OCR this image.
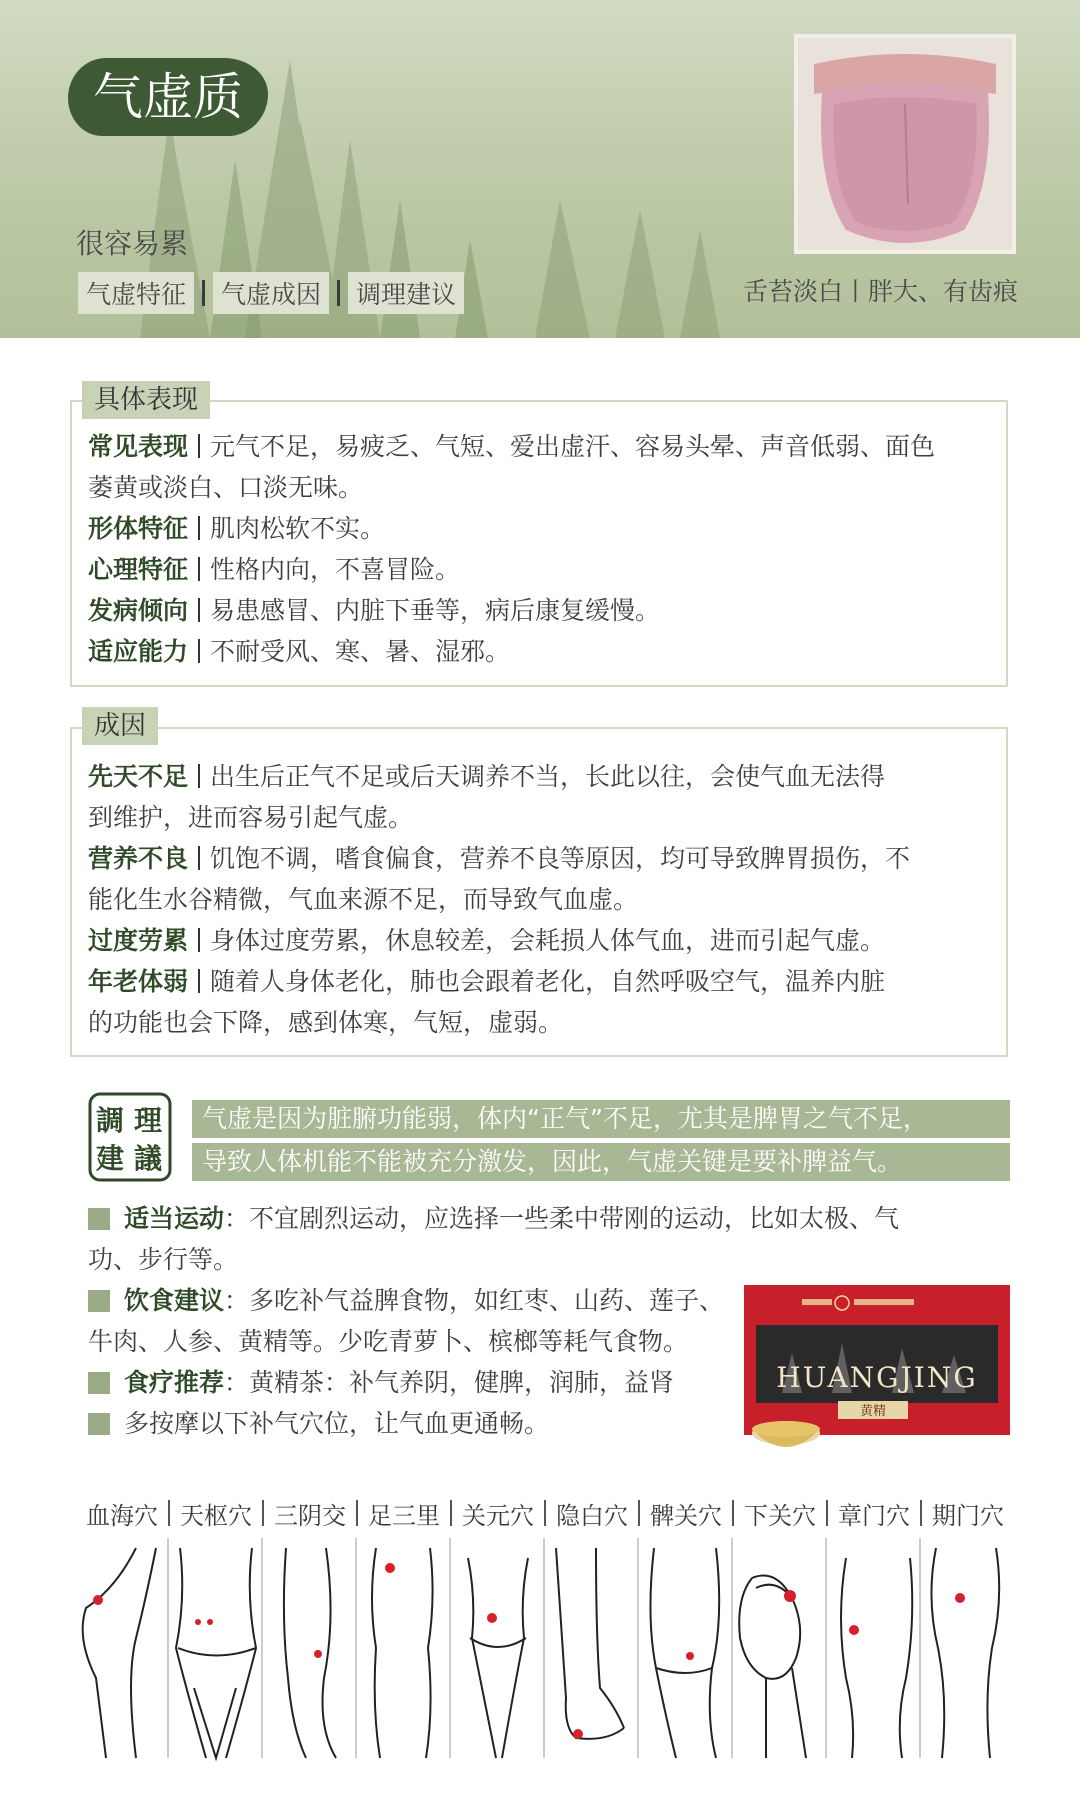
气虚质
很容易累
气虚特征	气虚成因	调理建议	舌苔淡白丨胖大、有齿痕
具体表现

常见表现 元气不足，易疲乏、气短、爱出虚汗、容易头晕、声音低弱、面色

萎黄或淡白、口淡无味。

形体特征 肌肉松软不实。

心理特征 性格内向，不喜冒险。

发病倾向 易患感冒、内脏下垂等，病后康复缓慢。

适应能力 不耐受风、寒、暑、湿邪。

成因

先天不足 出生后正气不足或后天调养不当，长此以往，会使气血无法得

到维护，进而容易引起气虚。

营养不良 饥饱不调，嗜食偏食，营养不良等原因，均可导致脾胃损伤，不

能化生水谷精微，气血来源不足，而导致气血虚。

过度劳累 身体过度劳累，休息较差，会耗损人体气血，进而引起气虚。

年老体弱 随着人身体老化，肺也会跟着老化，自然呼吸空气，温养内脏

的功能也会下降，感到体寒，气短，虚弱。

調 理
建 議
气虚是因为脏腑功能弱，体内“正气”不足，尤其是脾胃之气不足，
导致人体机能不能被充分激发，因此，气虚关键是要补脾益气。

适当运动：不宜剧烈运动，应选择一些柔中带刚的运动，比如太极、气

功、步行等。

饮食建议：多吃补气益脾食物，如红枣、山药、莲子、

牛肉、人参、黄精等。少吃青萝卜、槟榔等耗气食物。

食疗推荐：黄精茶：补气养阴，健脾，润肺，益肾

多按摩以下补气穴位，让气血更通畅。

HUANGJING
黄精
血海穴 天枢穴 三阴交 足三里 关元穴 隐白穴 髀关穴 下关穴 章门穴 期门穴
